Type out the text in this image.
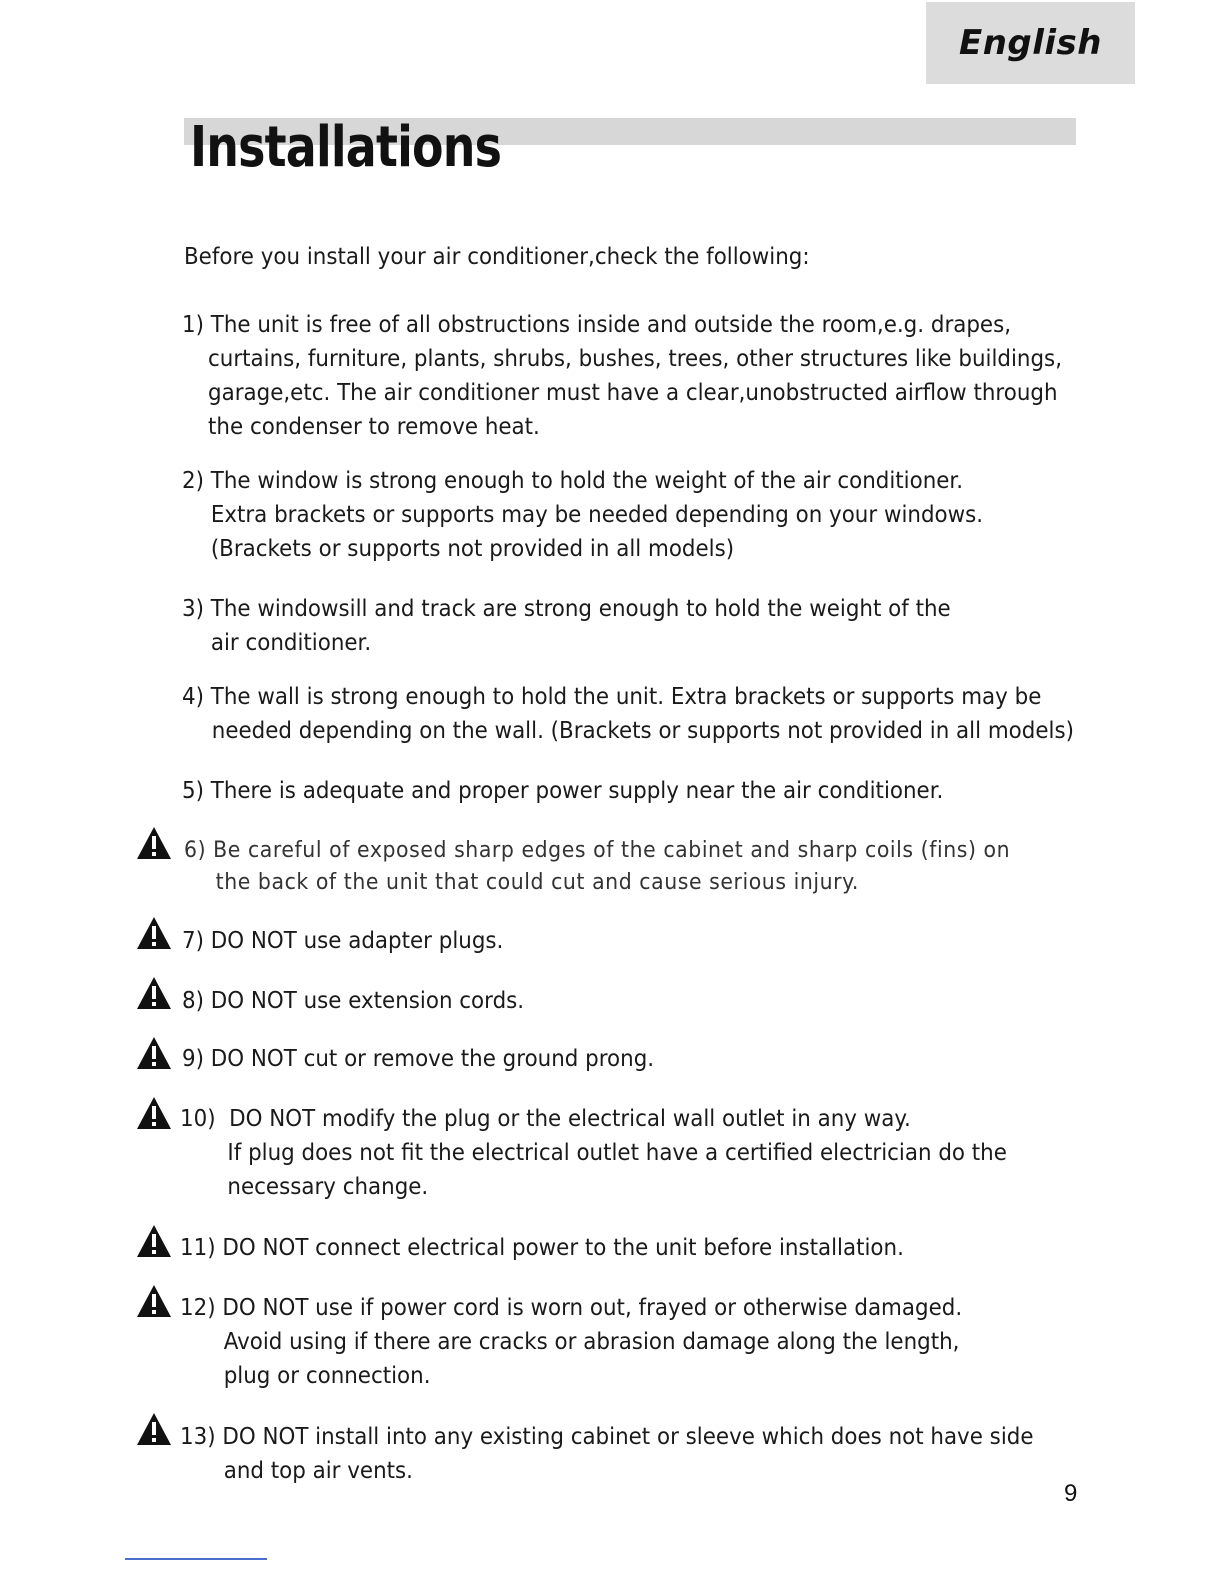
English
Installations

Before you install your air conditioner,check the following:

1) The unit is free of all obstructions inside and outside the room,e.g. drapes,
curtains, furniture, plants, shrubs, bushes, trees, other structures like buildings,
garage,etc. The air conditioner must have a clear,unobstructed airflow through
the condenser to remove heat.
2) The window is strong enough to hold the weight of the air conditioner.
Extra brackets or supports may be needed depending on your windows.
(Brackets or supports not provided in all models)
3) The windowsill and track are strong enough to hold the weight of the
air conditioner.
4) The wall is strong enough to hold the unit. Extra brackets or supports may be
needed depending on the wall. (Brackets or supports not provided in all models)
5) There is adequate and proper power supply near the air conditioner.
6) Be careful of exposed sharp edges of the cabinet and sharp coils (fins) on
the back of the unit that could cut and cause serious injury.
7) DO NOT use adapter plugs.
8) DO NOT use extension cords.
9) DO NOT cut or remove the ground prong.
10) DO NOT modify the plug or the electrical wall outlet in any way.
If plug does not fit the electrical outlet have a certified electrician do the
necessary change.
11) DO NOT connect electrical power to the unit before installation.
12) DO NOT use if power cord is worn out, frayed or otherwise damaged.
Avoid using if there are cracks or abrasion damage along the length,
plug or connection.
13) DO NOT install into any existing cabinet or sleeve which does not have side
and top air vents.
9
